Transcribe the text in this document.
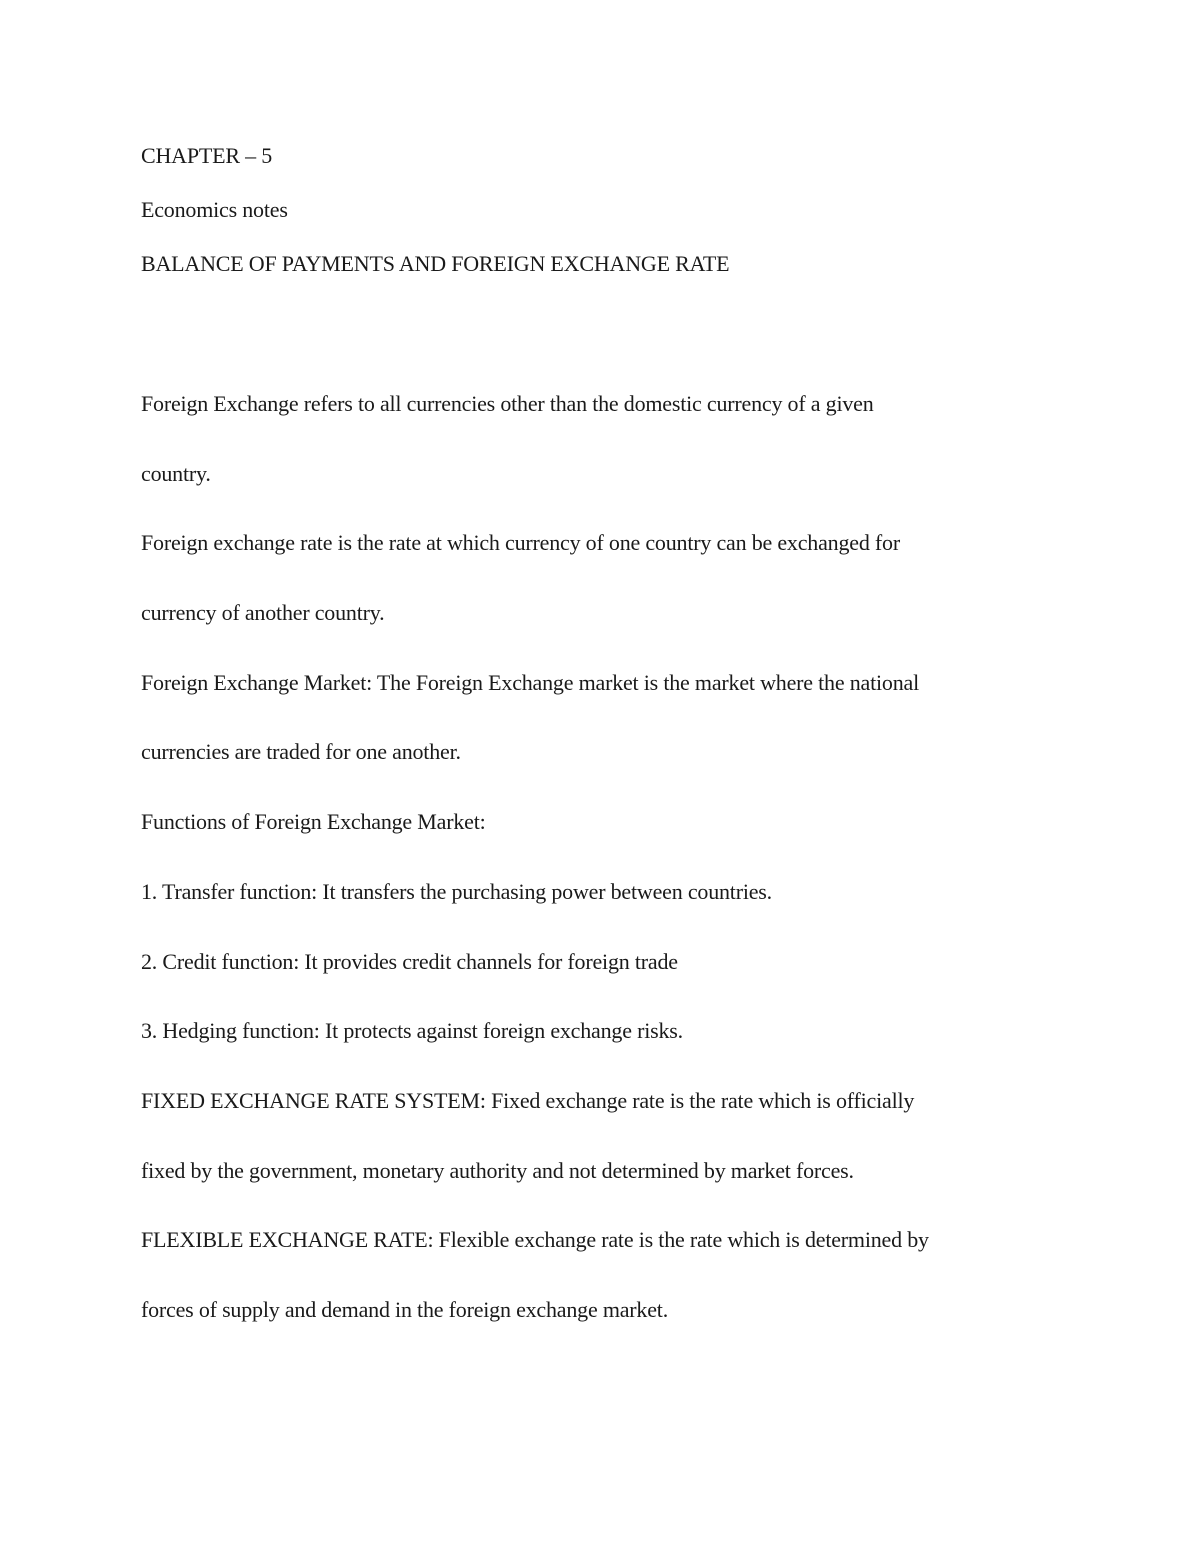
CHAPTER – 5
Economics notes
BALANCE OF PAYMENTS AND FOREIGN EXCHANGE RATE
Foreign Exchange refers to all currencies other than the domestic currency of a given
country.
Foreign exchange rate is the rate at which currency of one country can be exchanged for
currency of another country.
Foreign Exchange Market: The Foreign Exchange market is the market where the national
currencies are traded for one another.
Functions of Foreign Exchange Market:
1. Transfer function: It transfers the purchasing power between countries.
2. Credit function: It provides credit channels for foreign trade
3. Hedging function: It protects against foreign exchange risks.
FIXED EXCHANGE RATE SYSTEM: Fixed exchange rate is the rate which is officially
fixed by the government, monetary authority and not determined by market forces.
FLEXIBLE EXCHANGE RATE: Flexible exchange rate is the rate which is determined by
forces of supply and demand in the foreign exchange market.
